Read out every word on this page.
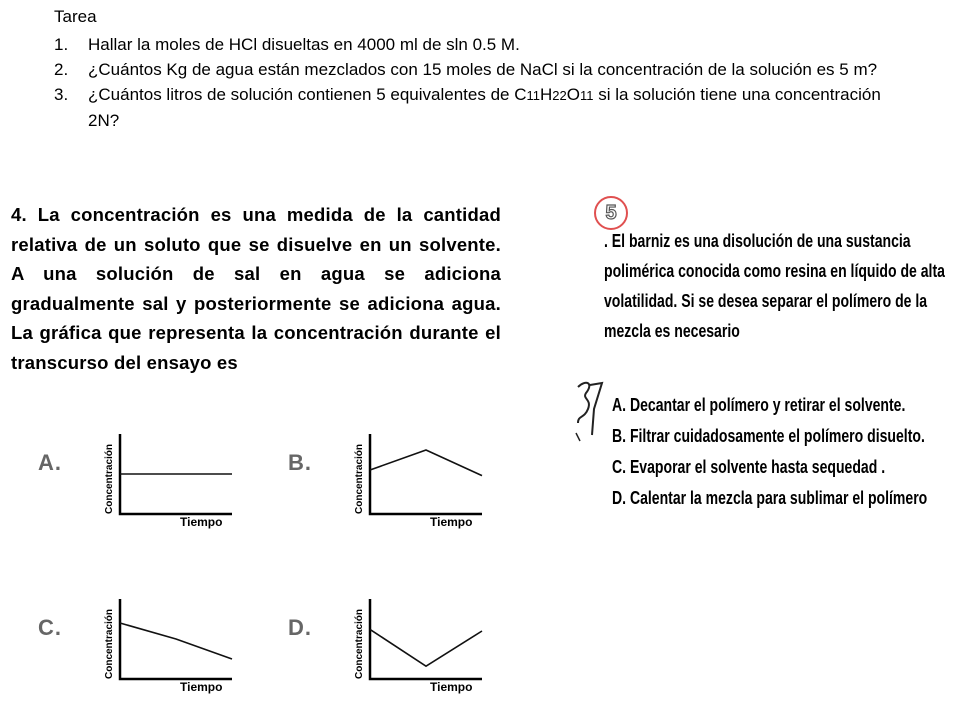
Tarea
1.	Hallar la moles de HCl disueltas en 4000 ml de sln 0.5 M.
2.	¿Cuántos Kg de agua están mezclados con 15 moles de NaCl si la concentración de la solución es 5 m?
3.	¿Cuántos litros de solución contienen 5 equivalentes de C11H22O11 si la solución tiene una concentración 2N?
4. La concentración es una medida de la cantidad relativa de un soluto que se disuelve en un solvente. A una solución de sal en agua se adiciona gradualmente sal y posteriormente se adiciona agua. La gráfica que representa la concentración durante el transcurso del ensayo es
A.	Concentración
Tiempo
B.	Concentración
Tiempo
C.	Concentración
Tiempo
D.	Concentración
Tiempo
5
. El barniz es una disolución de una sustancia polimérica conocida como resina en líquido de alta volatilidad. Si se desea separar el polímero de la mezcla es necesario
A. Decantar el polímero y retirar el solvente.
B. Filtrar cuidadosamente el polímero disuelto.
C. Evaporar el solvente hasta sequedad .
D. Calentar la mezcla para sublimar el polímero
